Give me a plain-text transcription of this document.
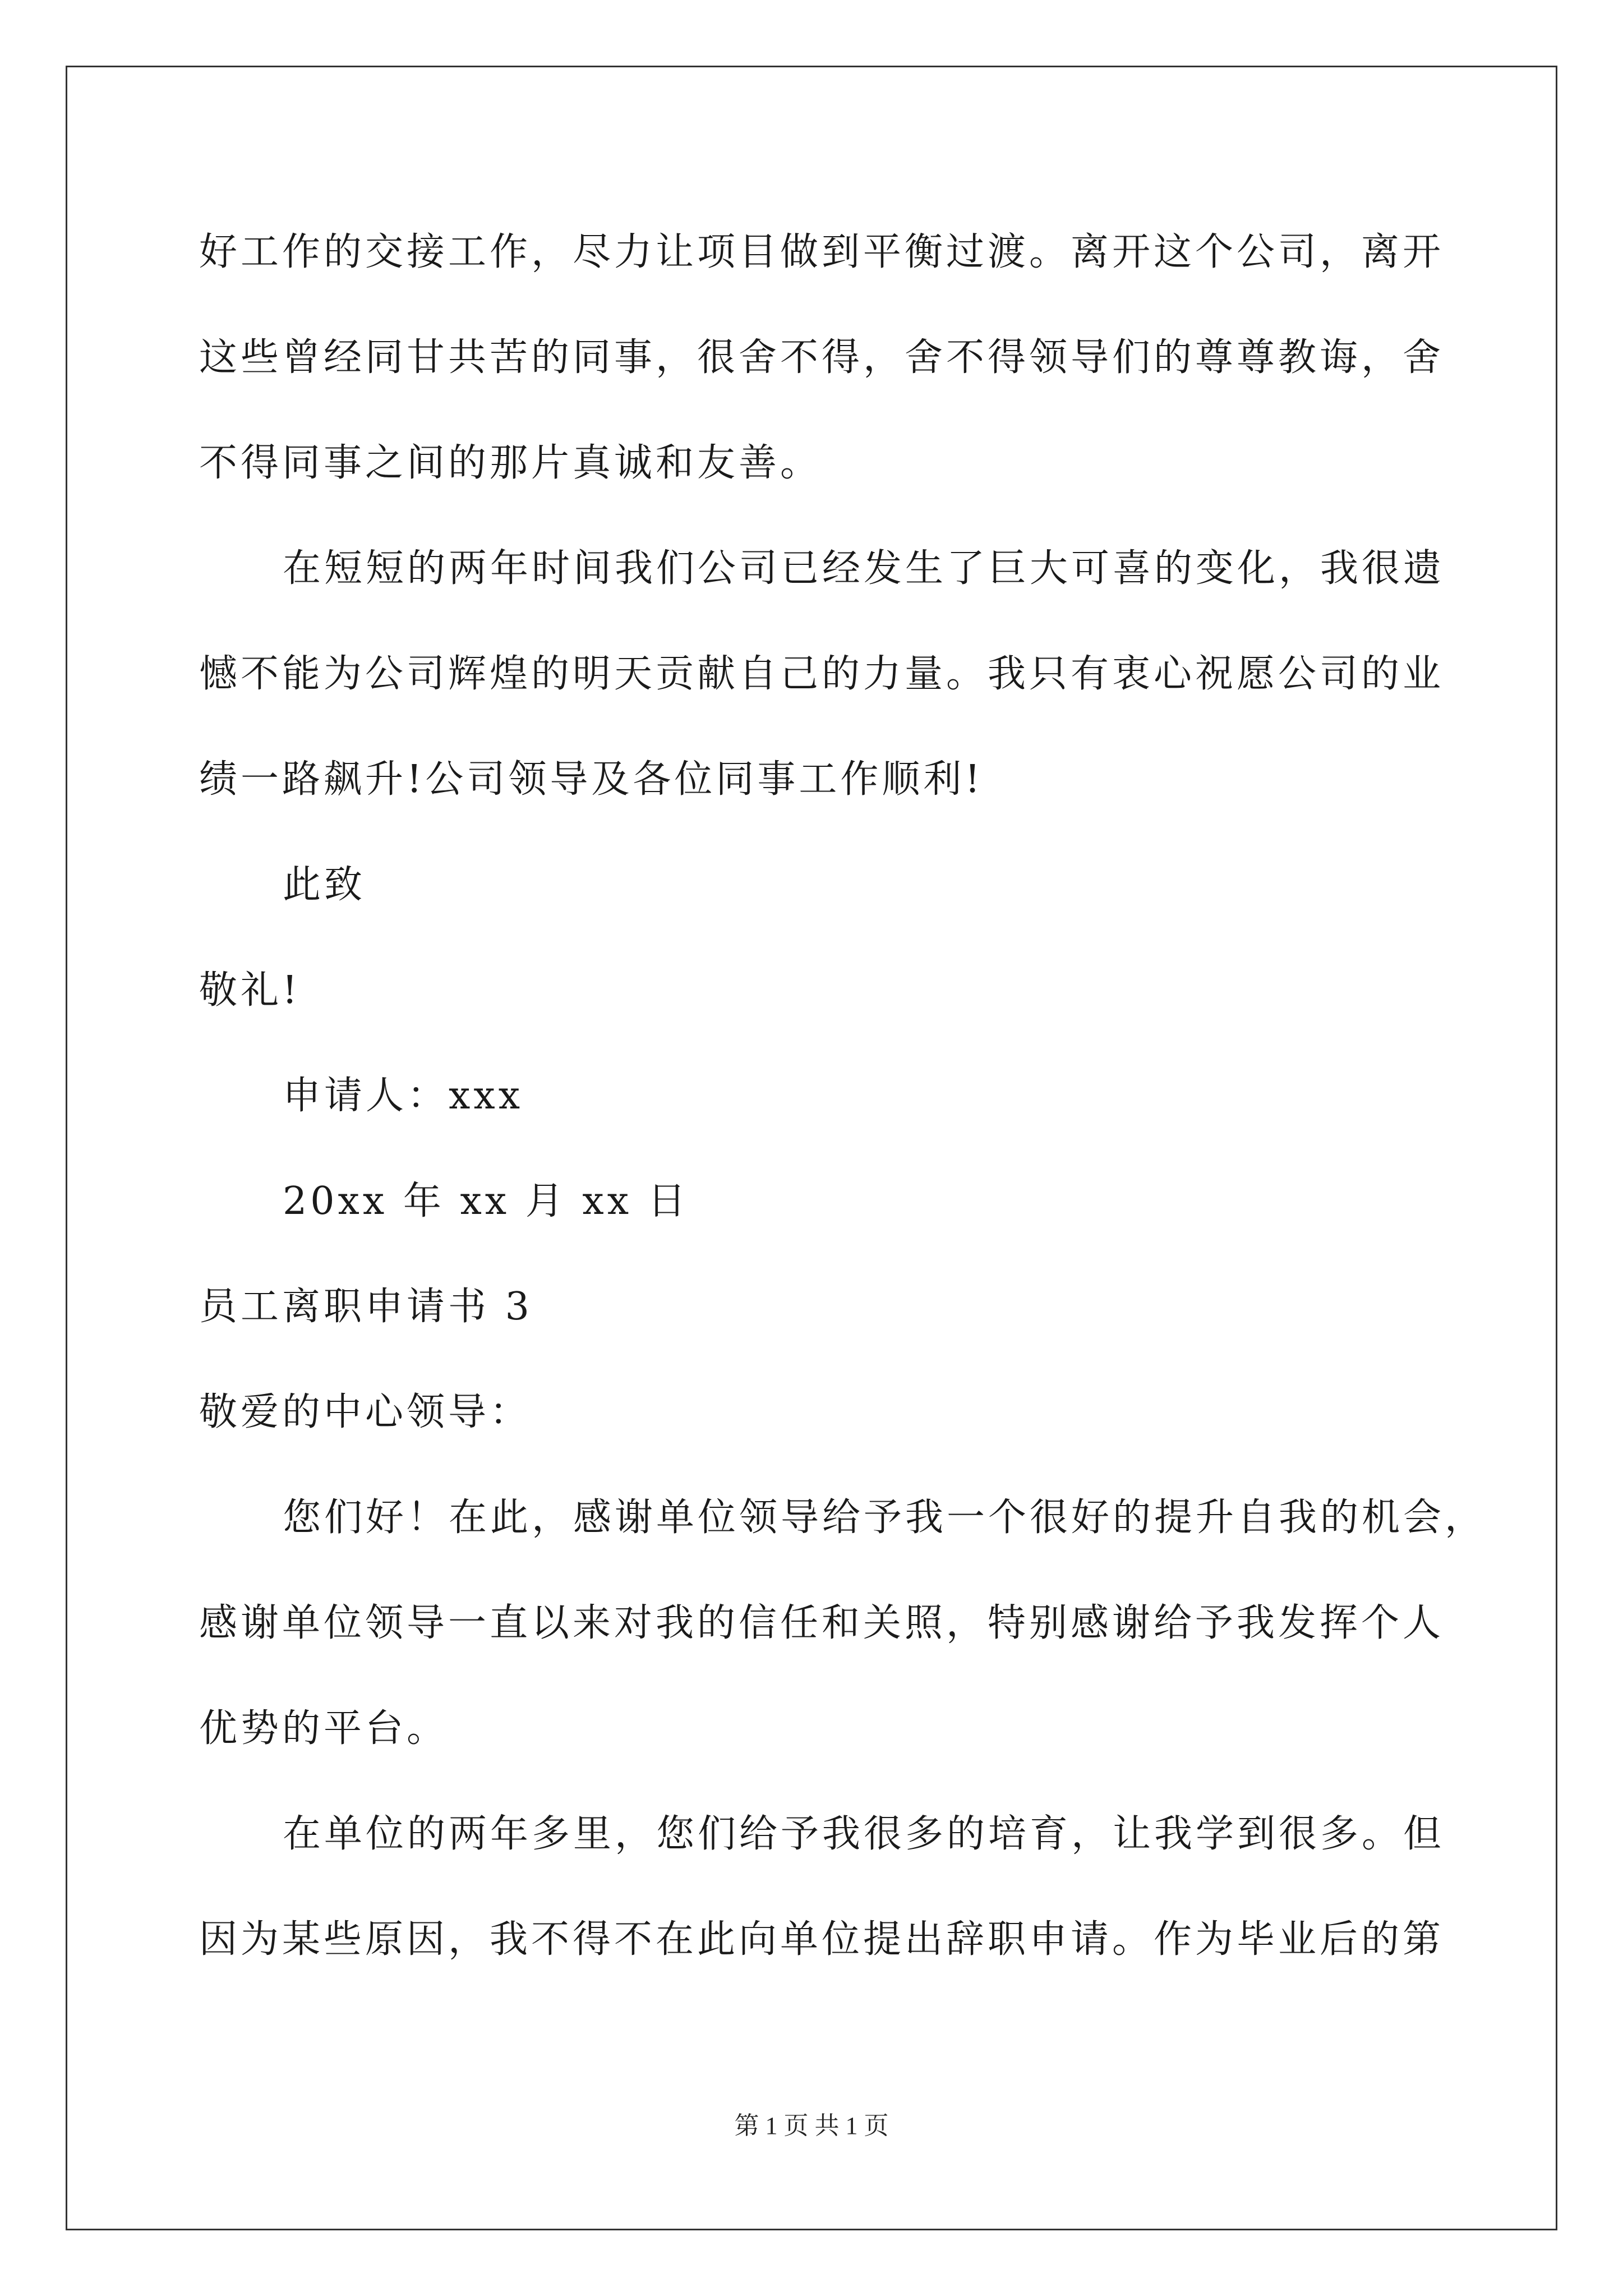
好工作的交接工作，尽力让项目做到平衡过渡。离开这个公司，离开
这些曾经同甘共苦的同事，很舍不得，舍不得领导们的尊尊教诲，舍
不得同事之间的那片真诚和友善。
在短短的两年时间我们公司已经发生了巨大可喜的变化，我很遗
憾不能为公司辉煌的明天贡献自己的力量。我只有衷心祝愿公司的业
绩一路飙升!公司领导及各位同事工作顺利!
此致
敬礼!
申请人：xxx
20xx 年 xx 月 xx 日
员工离职申请书 3
敬爱的中心领导：
您们好！在此，感谢单位领导给予我一个很好的提升自我的机会，
感谢单位领导一直以来对我的信任和关照，特别感谢给予我发挥个人
优势的平台。
在单位的两年多里，您们给予我很多的培育，让我学到很多。但
因为某些原因，我不得不在此向单位提出辞职申请。作为毕业后的第
第 1 页 共 1 页
